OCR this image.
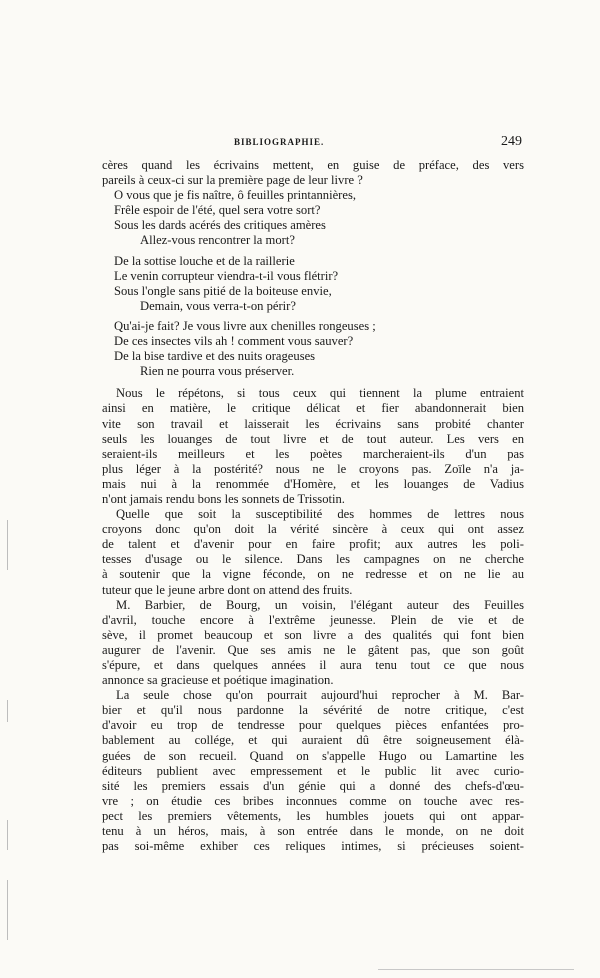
BIBLIOGRAPHIE.	249
cères quand les écrivains mettent, en guise de préface, des vers
pareils à ceux-ci sur la première page de leur livre ?
O vous que je fis naître, ô feuilles printannières,
Frêle espoir de l'été, quel sera votre sort?
Sous les dards acérés des critiques amères
Allez-vous rencontrer la mort?
De la sottise louche et de la raillerie
Le venin corrupteur viendra-t-il vous flétrir?
Sous l'ongle sans pitié de la boiteuse envie,
Demain, vous verra-t-on périr?
Qu'ai-je fait? Je vous livre aux chenilles rongeuses ;
De ces insectes vils ah ! comment vous sauver?
De la bise tardive et des nuits orageuses
Rien ne pourra vous préserver.
Nous le répétons, si tous ceux qui tiennent la plume entraient
ainsi en matière, le critique délicat et fier abandonnerait bien
vite son travail et laisserait les écrivains sans probité chanter
seuls les louanges de tout livre et de tout auteur. Les vers en
seraient-ils meilleurs et les poètes marcheraient-ils d'un pas
plus léger à la postérité? nous ne le croyons pas. Zoïle n'a ja-
mais nui à la renommée d'Homère, et les louanges de Vadius
n'ont jamais rendu bons les sonnets de Trissotin.
Quelle que soit la susceptibilité des hommes de lettres nous
croyons donc qu'on doit la vérité sincère à ceux qui ont assez
de talent et d'avenir pour en faire profit; aux autres les poli-
tesses d'usage ou le silence. Dans les campagnes on ne cherche
à soutenir que la vigne féconde, on ne redresse et on ne lie au
tuteur que le jeune arbre dont on attend des fruits.
M. Barbier, de Bourg, un voisin, l'élégant auteur des Feuilles
d'avril, touche encore à l'extrême jeunesse. Plein de vie et de
sève, il promet beaucoup et son livre a des qualités qui font bien
augurer de l'avenir. Que ses amis ne le gâtent pas, que son goût
s'épure, et dans quelques années il aura tenu tout ce que nous
annonce sa gracieuse et poétique imagination.
La seule chose qu'on pourrait aujourd'hui reprocher à M. Bar-
bier et qu'il nous pardonne la sévérité de notre critique, c'est
d'avoir eu trop de tendresse pour quelques pièces enfantées pro-
bablement au collége, et qui auraient dû être soigneusement élà-
guées de son recueil. Quand on s'appelle Hugo ou Lamartine les
éditeurs publient avec empressement et le public lit avec curio-
sité les premiers essais d'un génie qui a donné des chefs-d'œu-
vre ; on étudie ces bribes inconnues comme on touche avec res-
pect les premiers vêtements, les humbles jouets qui ont appar-
tenu à un héros, mais, à son entrée dans le monde, on ne doit
pas soi-même exhiber ces reliques intimes, si précieuses soient-
